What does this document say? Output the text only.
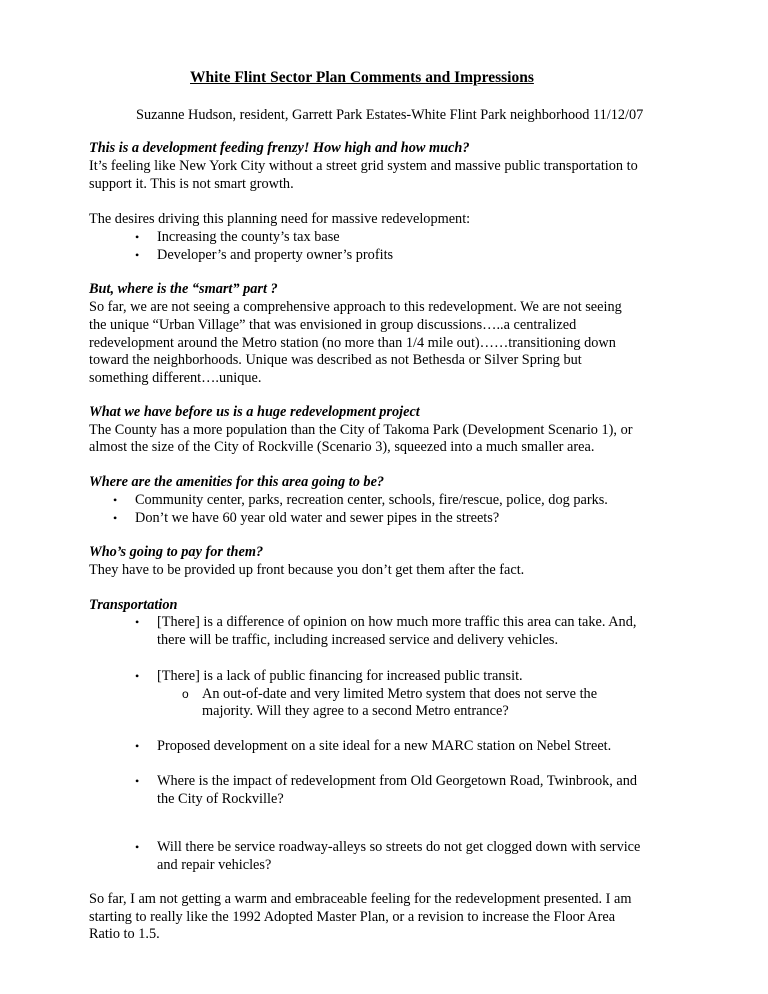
White Flint Sector Plan Comments and Impressions
Suzanne Hudson, resident, Garrett Park Estates-White Flint Park neighborhood 11/12/07
This is a development feeding frenzy! How high and how much?
It’s feeling like New York City without a street grid system and massive public transportation to
support it. This is not smart growth.
The desires driving this planning need for massive redevelopment:
• Increasing the county’s tax base
• Developer’s and property owner’s profits
But, where is the “smart” part ?
So far, we are not seeing a comprehensive approach to this redevelopment. We are not seeing
the unique “Urban Village” that was envisioned in group discussions…..a centralized
redevelopment around the Metro station (no more than 1/4 mile out)……transitioning down
toward the neighborhoods. Unique was described as not Bethesda or Silver Spring but
something different….unique.
What we have before us is a huge redevelopment project
The County has a more population than the City of Takoma Park (Development Scenario 1), or
almost the size of the City of Rockville (Scenario 3), squeezed into a much smaller area.
Where are the amenities for this area going to be?
• Community center, parks, recreation center, schools, fire/rescue, police, dog parks.
• Don’t we have 60 year old water and sewer pipes in the streets?
Who’s going to pay for them?
They have to be provided up front because you don’t get them after the fact.
Transportation
• [There] is a difference of opinion on how much more traffic this area can take. And,
there will be traffic, including increased service and delivery vehicles.
• [There] is a lack of public financing for increased public transit.
o An out-of-date and very limited Metro system that does not serve the
majority. Will they agree to a second Metro entrance?
• Proposed development on a site ideal for a new MARC station on Nebel Street.
• Where is the impact of redevelopment from Old Georgetown Road, Twinbrook, and
the City of Rockville?
• Will there be service roadway-alleys so streets do not get clogged down with service
and repair vehicles?
So far, I am not getting a warm and embraceable feeling for the redevelopment presented. I am
starting to really like the 1992 Adopted Master Plan, or a revision to increase the Floor Area
Ratio to 1.5.
